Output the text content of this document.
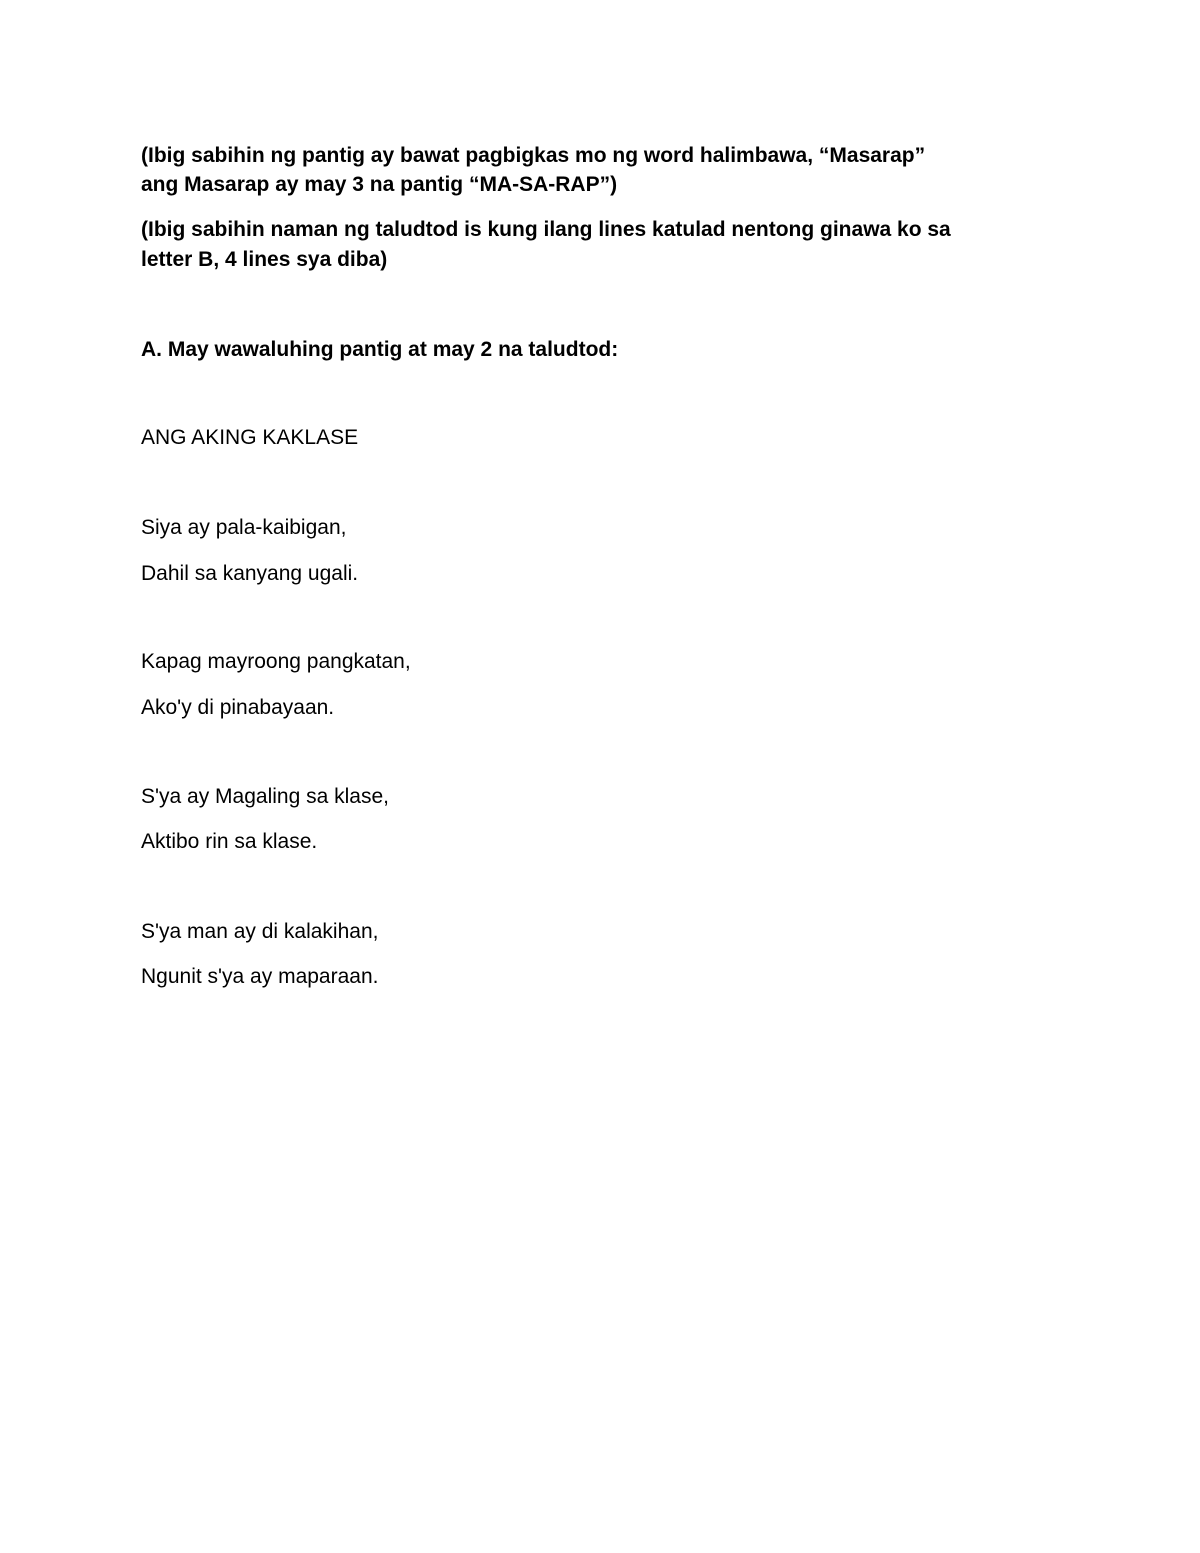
(Ibig sabihin ng pantig ay bawat pagbigkas mo ng word halimbawa, “Masarap”
ang Masarap ay may 3 na pantig “MA-SA-RAP”)
(Ibig sabihin naman ng taludtod is kung ilang lines katulad nentong ginawa ko sa
letter B, 4 lines sya diba)
A. May wawaluhing pantig at may 2 na taludtod:
ANG AKING KAKLASE
Siya ay pala-kaibigan,
Dahil sa kanyang ugali.
Kapag mayroong pangkatan,
Ako'y di pinabayaan.
S'ya ay Magaling sa klase,
Aktibo rin sa klase.
S'ya man ay di kalakihan,
Ngunit s'ya ay maparaan.
